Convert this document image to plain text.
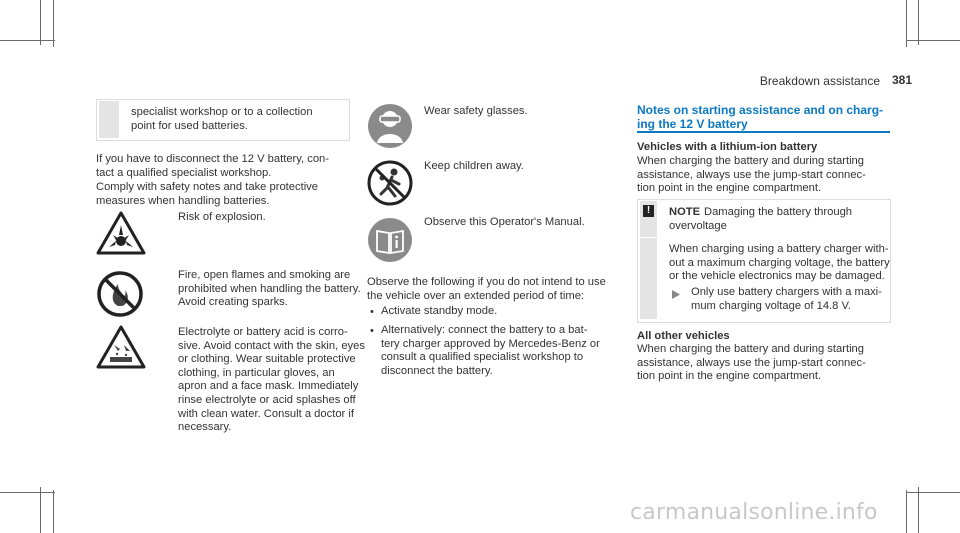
Breakdown assistance 381
specialist workshop or to a collection
point for used batteries.
If you have to disconnect the 12 V battery, con-
tact a qualified specialist workshop.
Comply with safety notes and take protective
measures when handling batteries.
Risk of explosion.
Fire, open flames and smoking are
prohibited when handling the battery.
Avoid creating sparks.
Electrolyte or battery acid is corro-
sive. Avoid contact with the skin, eyes
or clothing. Wear suitable protective
clothing, in particular gloves, an
apron and a face mask. Immediately
rinse electrolyte or acid splashes off
with clean water. Consult a doctor if
necessary.
Wear safety glasses.
Keep children away.
Observe this Operator's Manual.
Observe the following if you do not intend to use
the vehicle over an extended period of time:
• Activate standby mode.
• Alternatively: connect the battery to a bat-
tery charger approved by Mercedes-Benz or
consult a qualified specialist workshop to
disconnect the battery.
Notes on starting assistance and on charg-
ing the 12 V battery
Vehicles with a lithium-ion battery
When charging the battery and during starting
assistance, always use the jump-start connec-
tion point in the engine compartment.
!	NOTE Damaging the battery through
overvoltage
When charging using a battery charger with-
out a maximum charging voltage, the battery
or the vehicle electronics may be damaged.
Only use battery chargers with a maxi-
mum charging voltage of 14.8 V.
All other vehicles
When charging the battery and during starting
assistance, always use the jump-start connec-
tion point in the engine compartment.
carmanualsonline.info
